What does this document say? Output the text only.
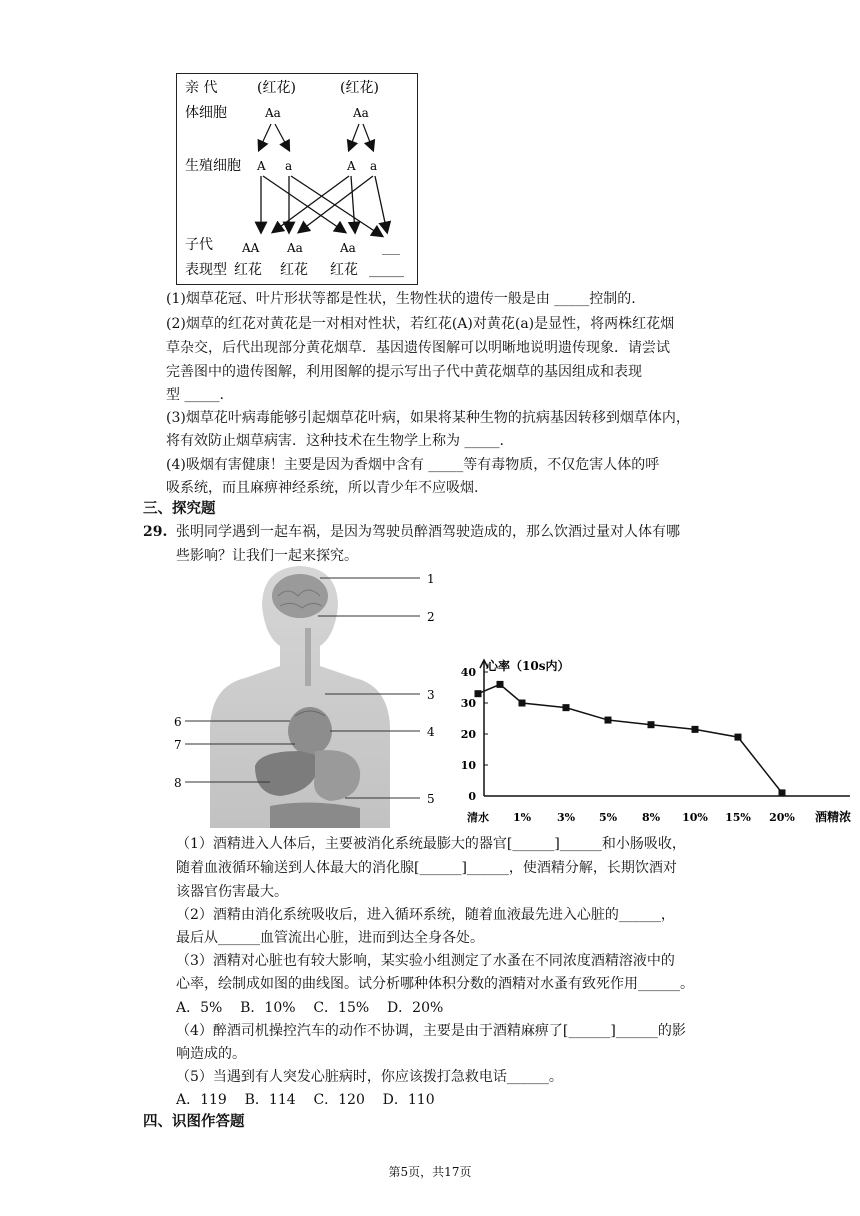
亲 代	(红花)	(红花)
体细胞	Aa	Aa
生殖细胞 A a	A a
子代 AA Aa	Aa ___
表现型 红花 红花 红花 _____
(1)烟草花冠、叶片形状等都是性状，生物性状的遗传一般是由 _____控制的.
(2)烟草的红花对黄花是一对相对性状，若红花(A)对黄花(a)是显性，将两株红花烟
草杂交，后代出现部分黄花烟草．基因遗传图解可以明晰地说明遗传现象．请尝试
完善图中的遗传图解，利用图解的提示写出子代中黄花烟草的基因组成和表现
型 _____.
(3)烟草花叶病毒能够引起烟草花叶病，如果将某种生物的抗病基因转移到烟草体内，
将有效防止烟草病害．这种技术在生物学上称为 _____.
(4)吸烟有害健康！主要是因为香烟中含有 _____等有毒物质，不仅危害人体的呼
吸系统，而且麻痹神经系统，所以青少年不应吸烟.
三、探究题
29. 张明同学遇到一起车祸，是因为驾驶员醉酒驾驶造成的，那么饮酒过量对人体有哪
些影响？让我们一起来探究。
1
2
3
4
5
6
7
8
0
10
20
30
40 心率（10s内）
清水 1% 3% 5% 8% 10% 15% 20% 酒精浓
（1）酒精进入人体后，主要被消化系统最膨大的器官[______]______和小肠吸收，
随着血液循环输送到人体最大的消化腺[______]______，使酒精分解，长期饮酒对
该器官伤害最大。
（2）酒精由消化系统吸收后，进入循环系统，随着血液最先进入心脏的______，
最后从______血管流出心脏，进而到达全身各处。
（3）酒精对心脏也有较大影响，某实验小组测定了水蚤在不同浓度酒精溶液中的
心率，绘制成如图的曲线图。试分析哪种体积分数的酒精对水蚤有致死作用______。
A．5%    B．10%    C．15%    D．20%
（4）醉酒司机操控汽车的动作不协调，主要是由于酒精麻痹了[______]______的影
响造成的。
（5）当遇到有人突发心脏病时，你应该拨打急救电话______。
A．119    B．114    C．120    D．110
四、识图作答题
第5页，共17页
